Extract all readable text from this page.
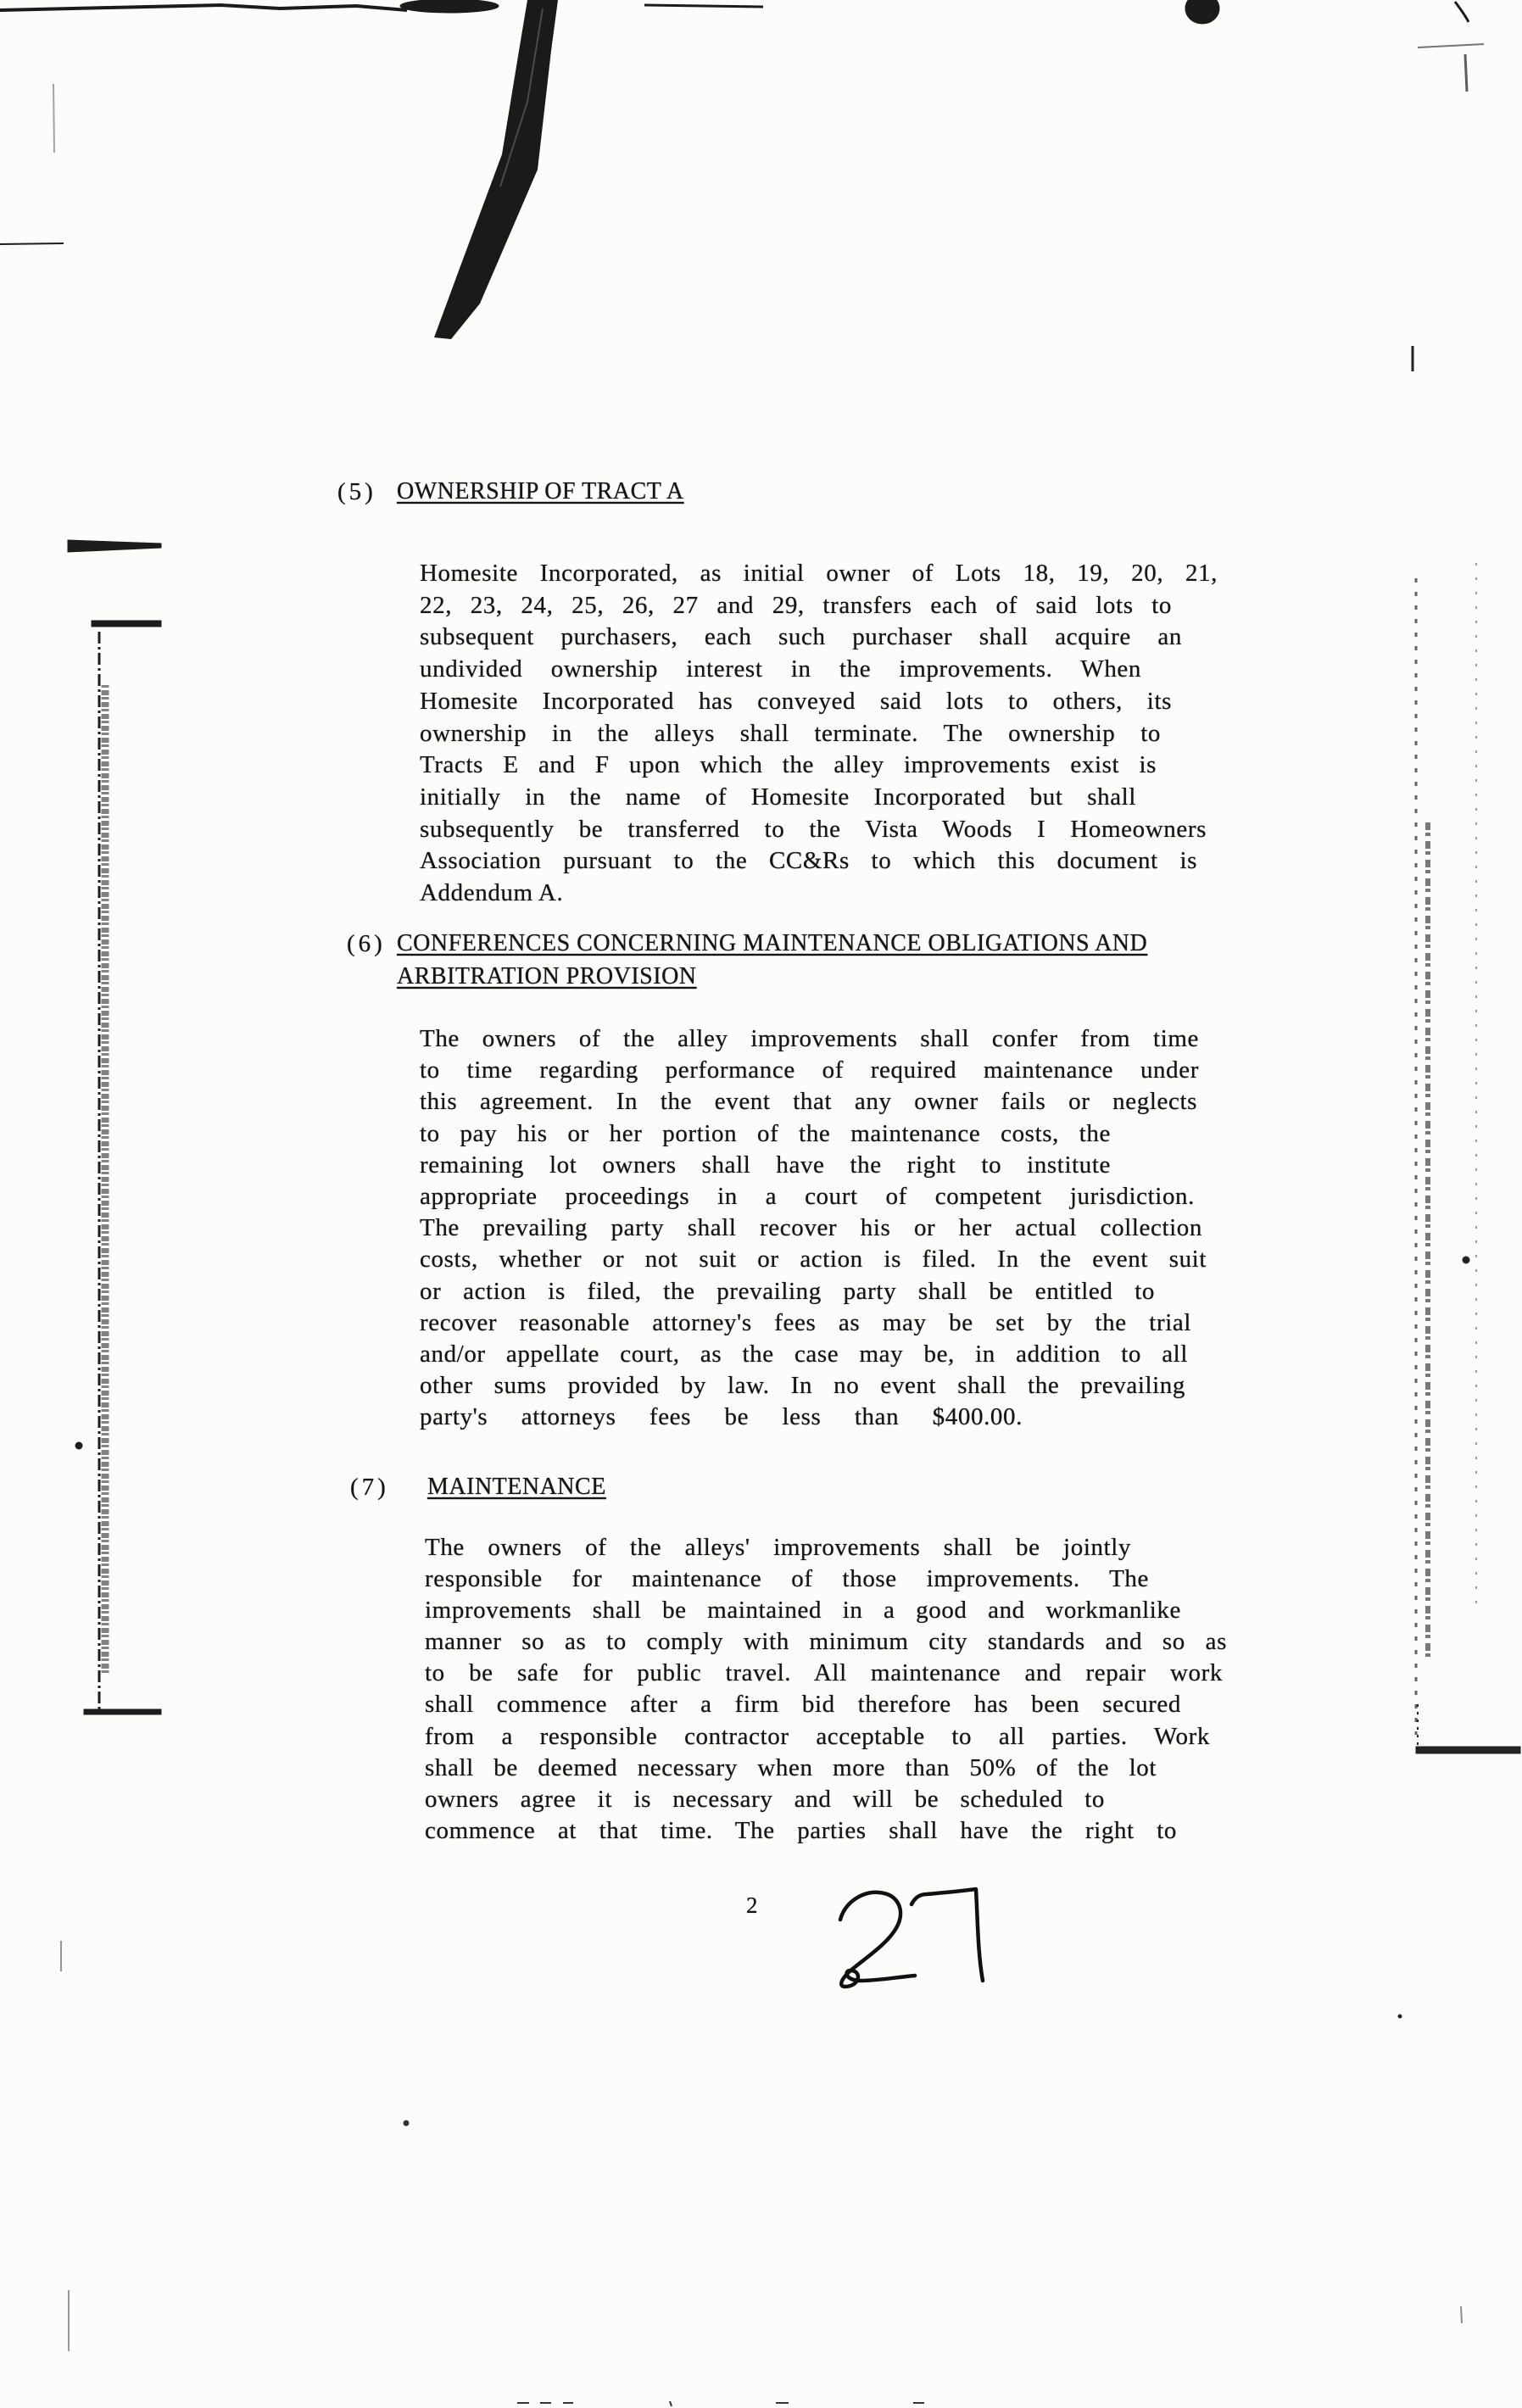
(5) OWNERSHIP OF TRACT A
Homesite Incorporated, as initial owner of Lots 18, 19, 20, 21,
22, 23, 24, 25, 26, 27 and 29, transfers each of said lots to
subsequent purchasers, each such purchaser shall acquire an
undivided ownership interest in the improvements. When
Homesite Incorporated has conveyed said lots to others, its
ownership in the alleys shall terminate. The ownership to
Tracts E and F upon which the alley improvements exist is
initially in the name of Homesite Incorporated but shall
subsequently be transferred to the Vista Woods I Homeowners
Association pursuant to the CC&Rs to which this document is
Addendum A.
(6) CONFERENCES CONCERNING MAINTENANCE OBLIGATIONS AND
ARBITRATION PROVISION
The owners of the alley improvements shall confer from time
to time regarding performance of required maintenance under
this agreement. In the event that any owner fails or neglects
to pay his or her portion of the maintenance costs, the
remaining lot owners shall have the right to institute
appropriate proceedings in a court of competent jurisdiction.
The prevailing party shall recover his or her actual collection
costs, whether or not suit or action is filed. In the event suit
or action is filed, the prevailing party shall be entitled to
recover reasonable attorney's fees as may be set by the trial
and/or appellate court, as the case may be, in addition to all
other sums provided by law. In no event shall the prevailing
party's attorneys fees be less than $400.00.
(7) MAINTENANCE
The owners of the alleys' improvements shall be jointly
responsible for maintenance of those improvements. The
improvements shall be maintained in a good and workmanlike
manner so as to comply with minimum city standards and so as
to be safe for public travel. All maintenance and repair work
shall commence after a firm bid therefore has been secured
from a responsible contractor acceptable to all parties. Work
shall be deemed necessary when more than 50% of the lot
owners agree it is necessary and will be scheduled to
commence at that time. The parties shall have the right to
2
